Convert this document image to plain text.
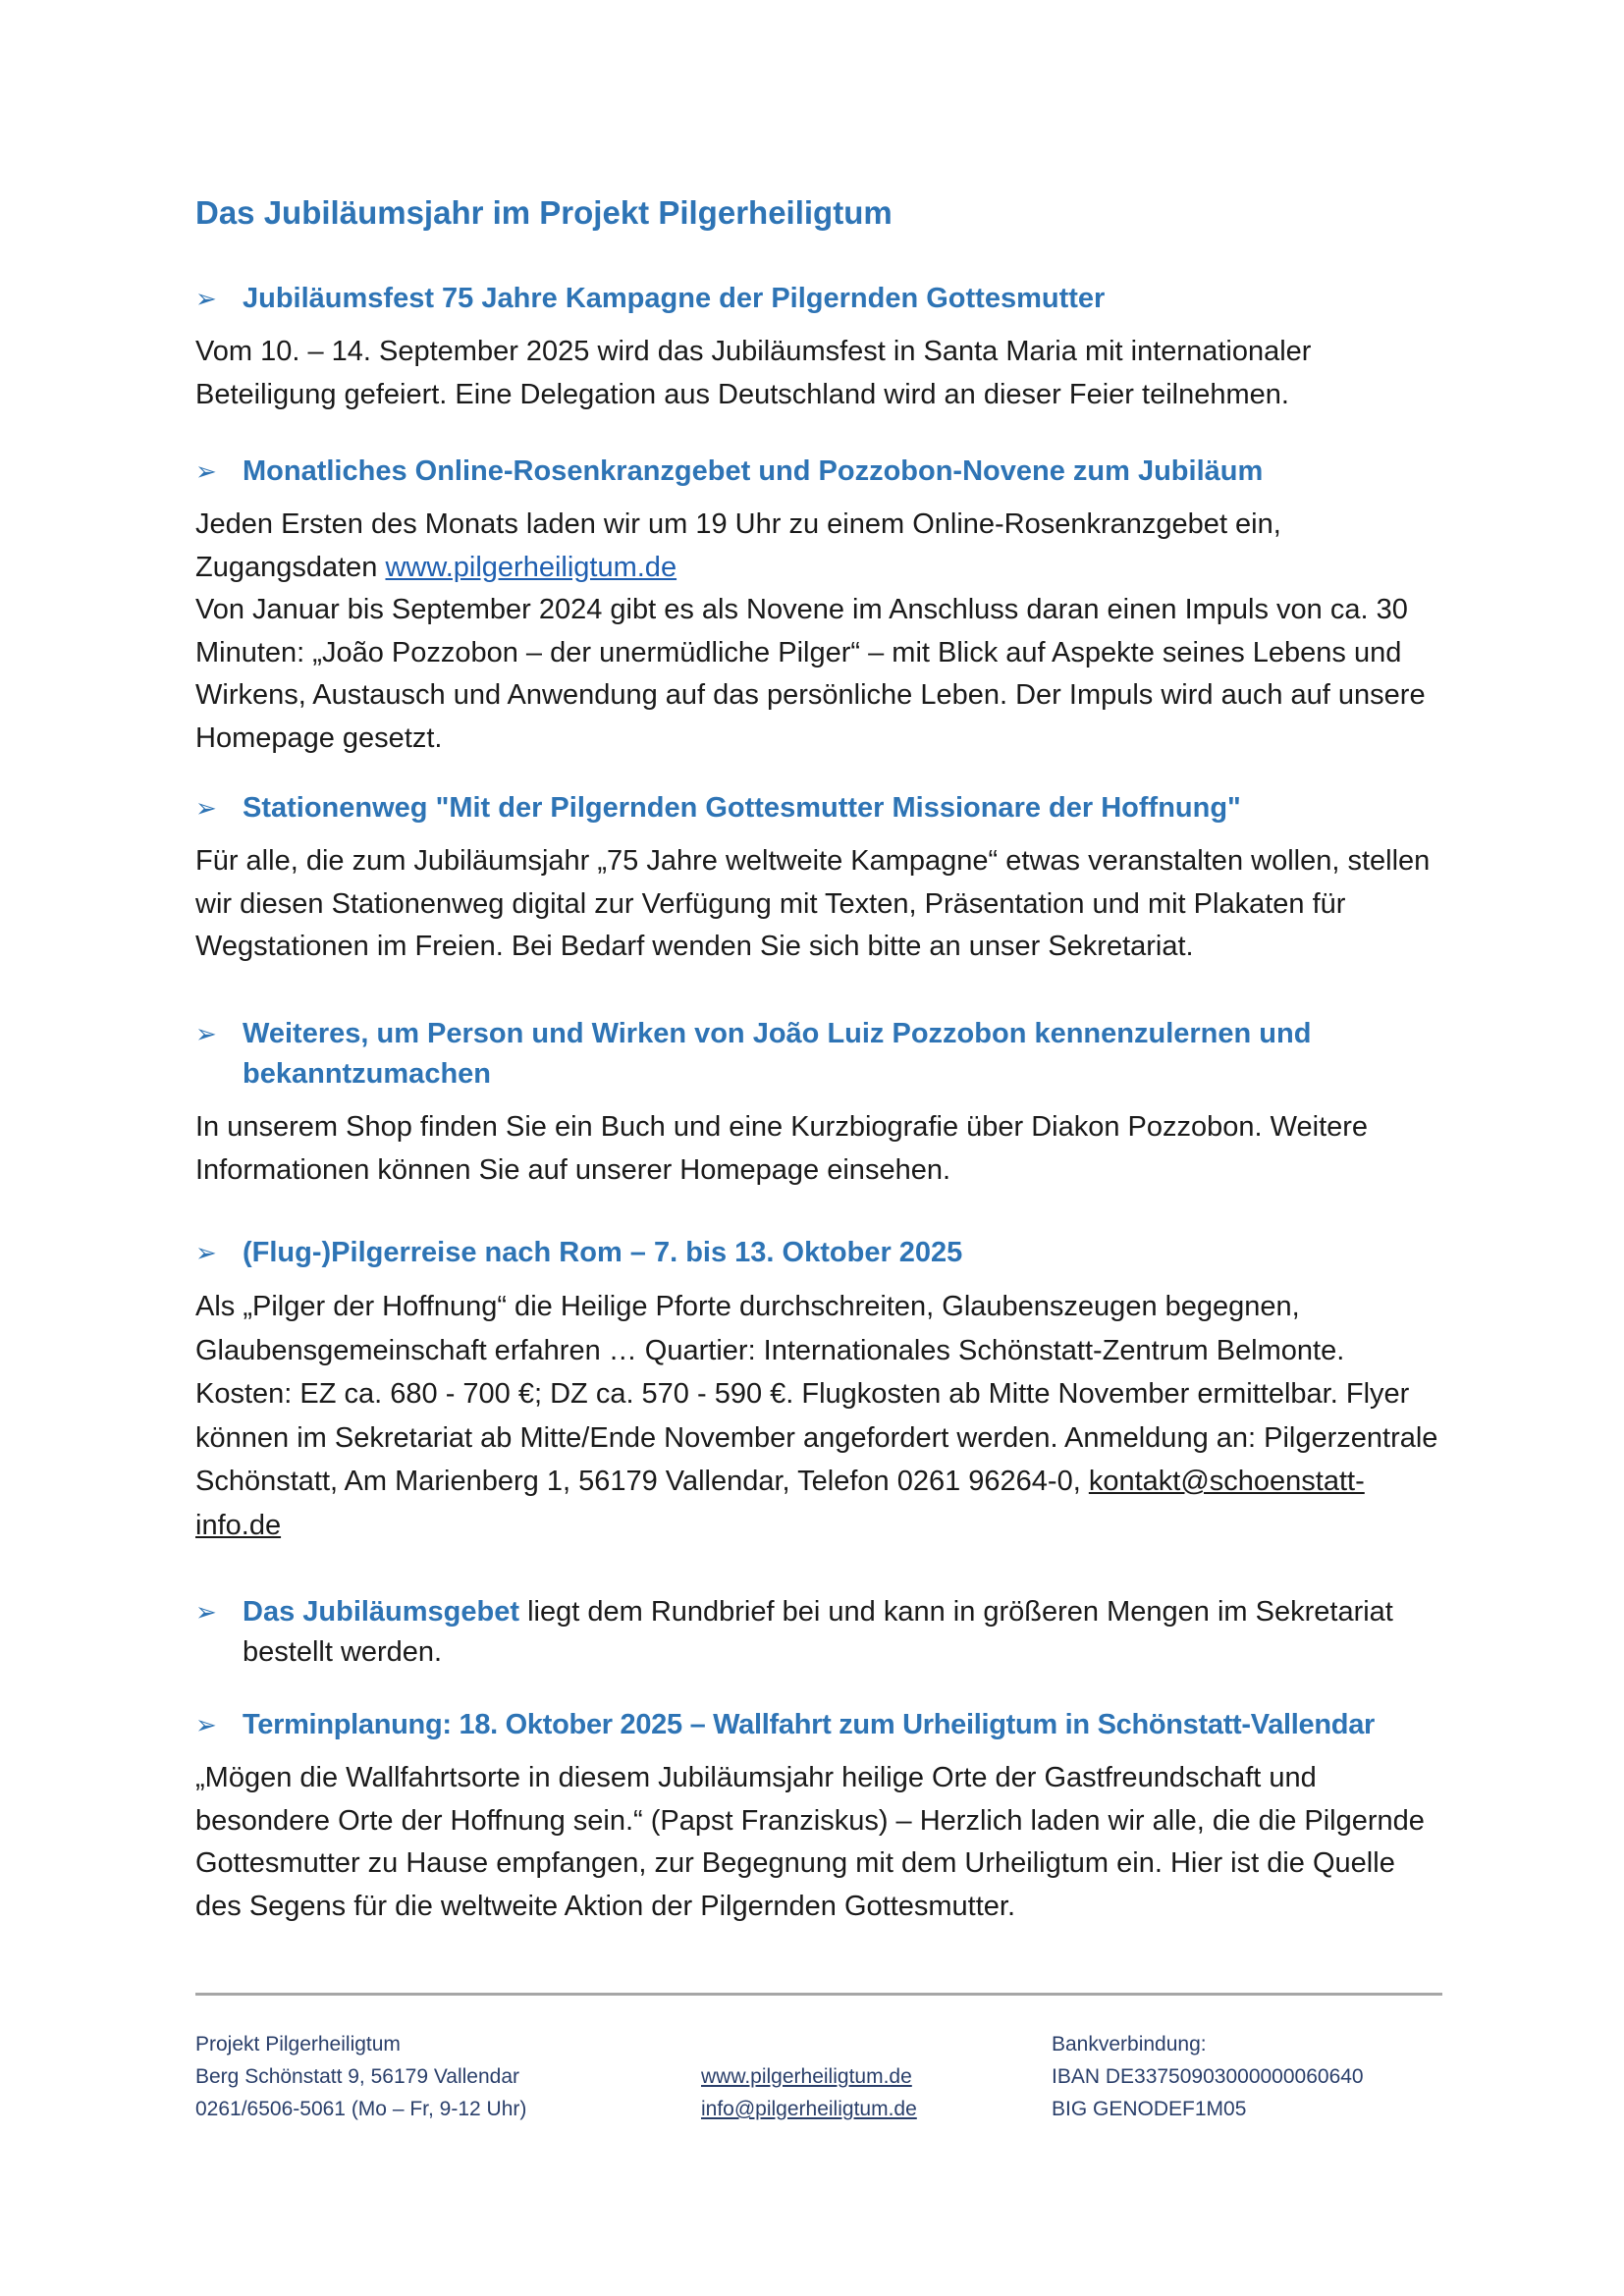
Das Jubiläumsjahr im Projekt Pilgerheiligtum
➢ Jubiläumsfest 75 Jahre Kampagne der Pilgernden Gottesmutter

Vom 10. – 14. September 2025 wird das Jubiläumsfest in Santa Maria mit internationaler Beteiligung gefeiert. Eine Delegation aus Deutschland wird an dieser Feier teilnehmen.

➢ Monatliches Online-Rosenkranzgebet und Pozzobon-Novene zum Jubiläum

Jeden Ersten des Monats laden wir um 19 Uhr zu einem Online-Rosenkranzgebet ein, Zugangsdaten www.pilgerheiligtum.de

Von Januar bis September 2024 gibt es als Novene im Anschluss daran einen Impuls von ca. 30 Minuten: „João Pozzobon – der unermüdliche Pilger“ – mit Blick auf Aspekte seines Lebens und Wirkens, Austausch und Anwendung auf das persönliche Leben. Der Impuls wird auch auf unsere Homepage gesetzt.

➢ Stationenweg "Mit der Pilgernden Gottesmutter Missionare der Hoffnung"

Für alle, die zum Jubiläumsjahr „75 Jahre weltweite Kampagne“ etwas veranstalten wollen, stellen wir diesen Stationenweg digital zur Verfügung mit Texten, Präsentation und mit Plakaten für Wegstationen im Freien. Bei Bedarf wenden Sie sich bitte an unser Sekretariat.

➢ Weiteres, um Person und Wirken von João Luiz Pozzobon kennenzulernen und bekanntzumachen

In unserem Shop finden Sie ein Buch und eine Kurzbiografie über Diakon Pozzobon. Weitere Informationen können Sie auf unserer Homepage einsehen.

➢ (Flug-)Pilgerreise nach Rom – 7. bis 13. Oktober 2025

Als „Pilger der Hoffnung“ die Heilige Pforte durchschreiten, Glaubenszeugen begegnen, Glaubensgemeinschaft erfahren … Quartier: Internationales Schönstatt-Zentrum Belmonte. Kosten: EZ ca. 680 - 700 €; DZ ca. 570 - 590 €. Flugkosten ab Mitte November ermittelbar. Flyer können im Sekretariat ab Mitte/Ende November angefordert werden. Anmeldung an: Pilgerzentrale Schönstatt, Am Marienberg 1, 56179 Vallendar, Telefon 0261 96264-0, kontakt@schoenstatt-info.de

➢ Das Jubiläumsgebet liegt dem Rundbrief bei und kann in größeren Mengen im Sekretariat bestellt werden.
➢ Terminplanung: 18. Oktober 2025 – Wallfahrt zum Urheiligtum in Schönstatt-Vallendar

„Mögen die Wallfahrtsorte in diesem Jubiläumsjahr heilige Orte der Gastfreundschaft und besondere Orte der Hoffnung sein.“ (Papst Franziskus) – Herzlich laden wir alle, die die Pilgernde Gottesmutter zu Hause empfangen, zur Begegnung mit dem Urheiligtum ein. Hier ist die Quelle des Segens für die weltweite Aktion der Pilgernden Gottesmutter.

Projekt Pilgerheiligtum
Berg Schönstatt 9, 56179 Vallendar
0261/6506-5061 (Mo – Fr, 9-12 Uhr)
www.pilgerheiligtum.de
info@pilgerheiligtum.de
Bankverbindung:
IBAN DE33750903000000060640
BIG GENODEF1M05
